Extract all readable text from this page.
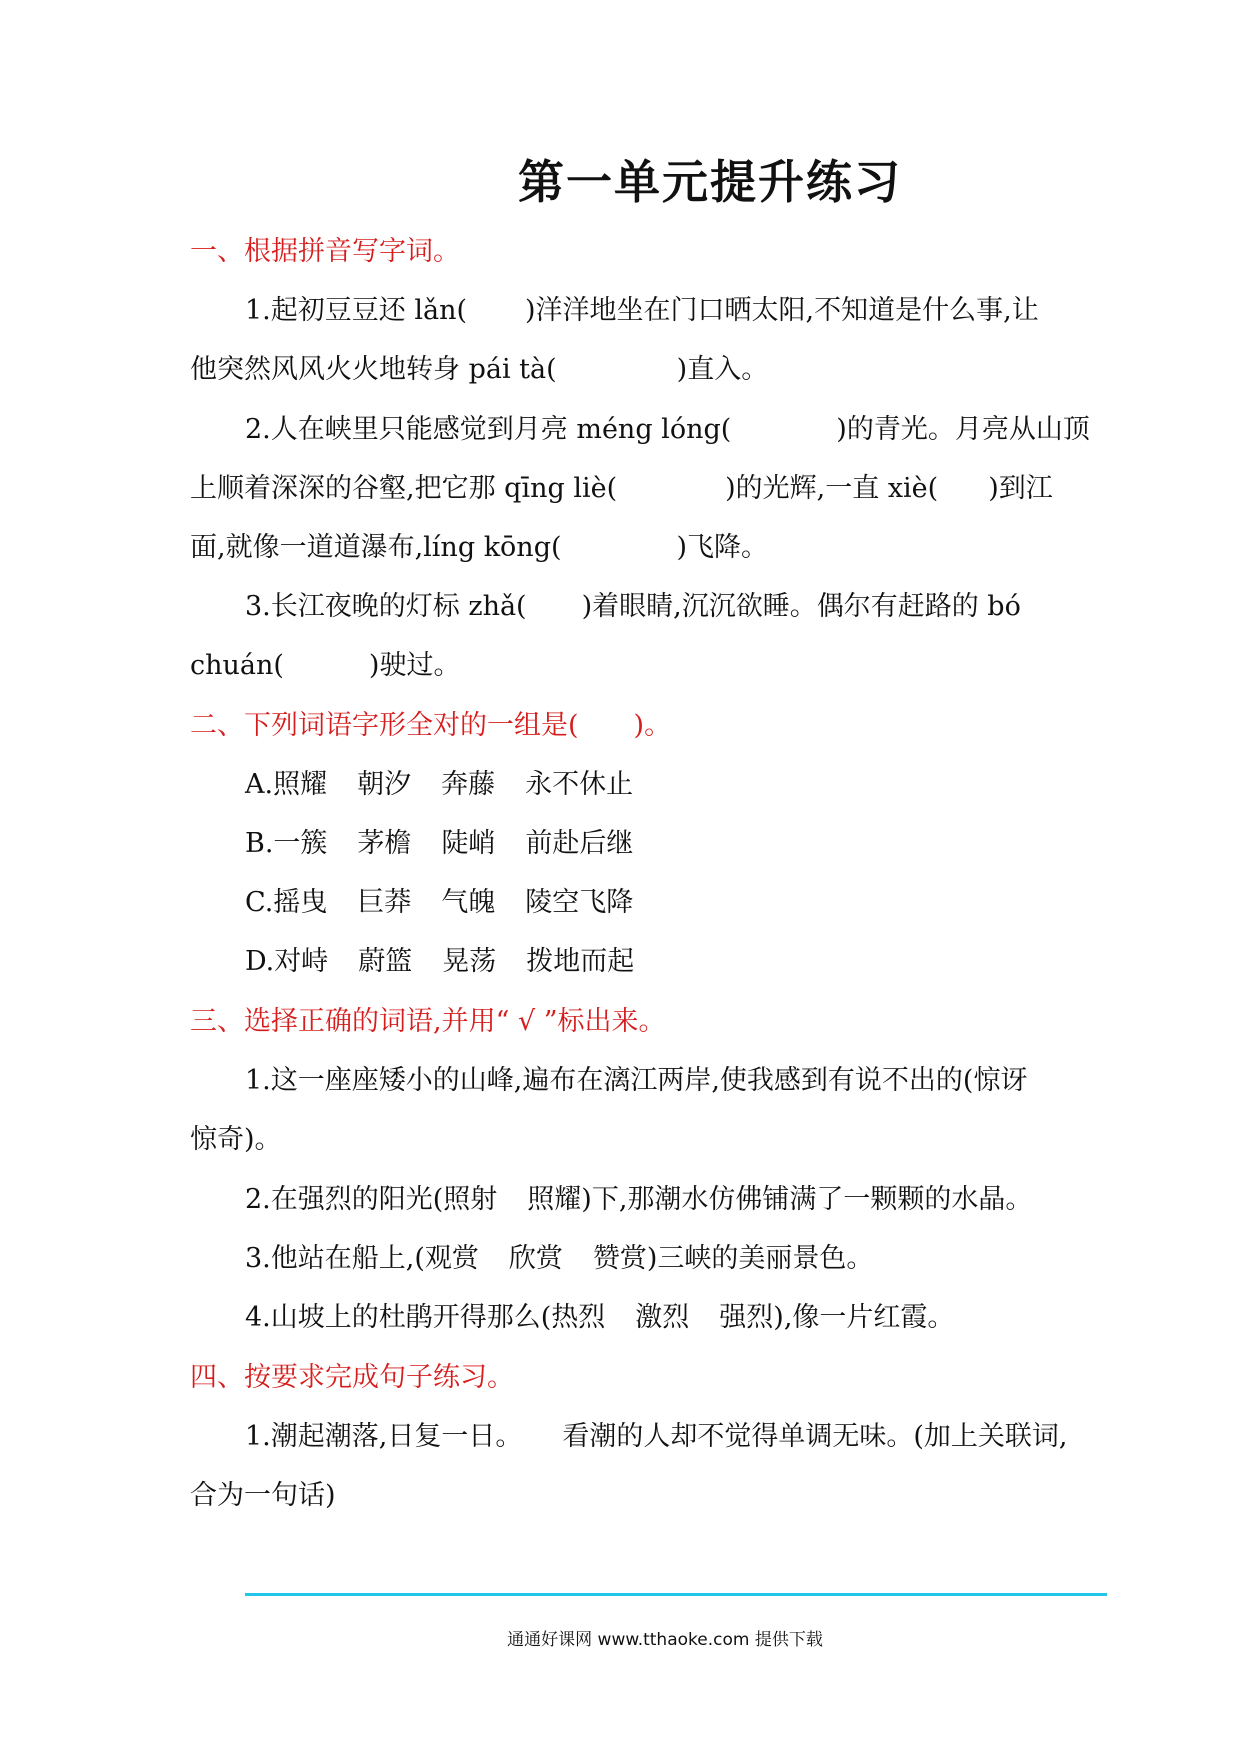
第一单元提升练习
一、根据拼音写字词。
1.起初豆豆还 lǎn( )洋洋地坐在门口晒太阳,不知道是什么事,让
他突然风风火火地转身 pái tà(	)直入。
2.人在峡里只能感觉到月亮 méng lóng(	)的青光。月亮从山顶
上顺着深深的谷壑,把它那 qīng liè(	)的光辉,一直 xiè( )到江
面,就像一道道瀑布,líng kōng(	)飞降。
3.长江夜晚的灯标 zhǎ( )着眼睛,沉沉欲睡。偶尔有赶路的 bó
chuán(	)驶过。
二、下列词语字形全对的一组是( )。
A.照耀 朝汐 奔藤 永不休止
B.一簇 茅檐 陡峭 前赴后继
C.摇曳 巨莽 气魄 陵空飞降
D.对峙 蔚篮 晃荡 拨地而起
三、选择正确的词语,并用“ √ ”标出来。
1.这一座座矮小的山峰,遍布在漓江两岸,使我感到有说不出的(惊讶
惊奇)。
2.在强烈的阳光(照射 照耀)下,那潮水仿佛铺满了一颗颗的水晶。
3.他站在船上,(观赏 欣赏 赞赏)三峡的美丽景色。
4.山坡上的杜鹃开得那么(热烈 激烈 强烈),像一片红霞。
四、按要求完成句子练习。
1.潮起潮落,日复一日。 看潮的人却不觉得单调无味。(加上关联词,
合为一句话)
通通好课网 www.tthaoke.com 提供下载
